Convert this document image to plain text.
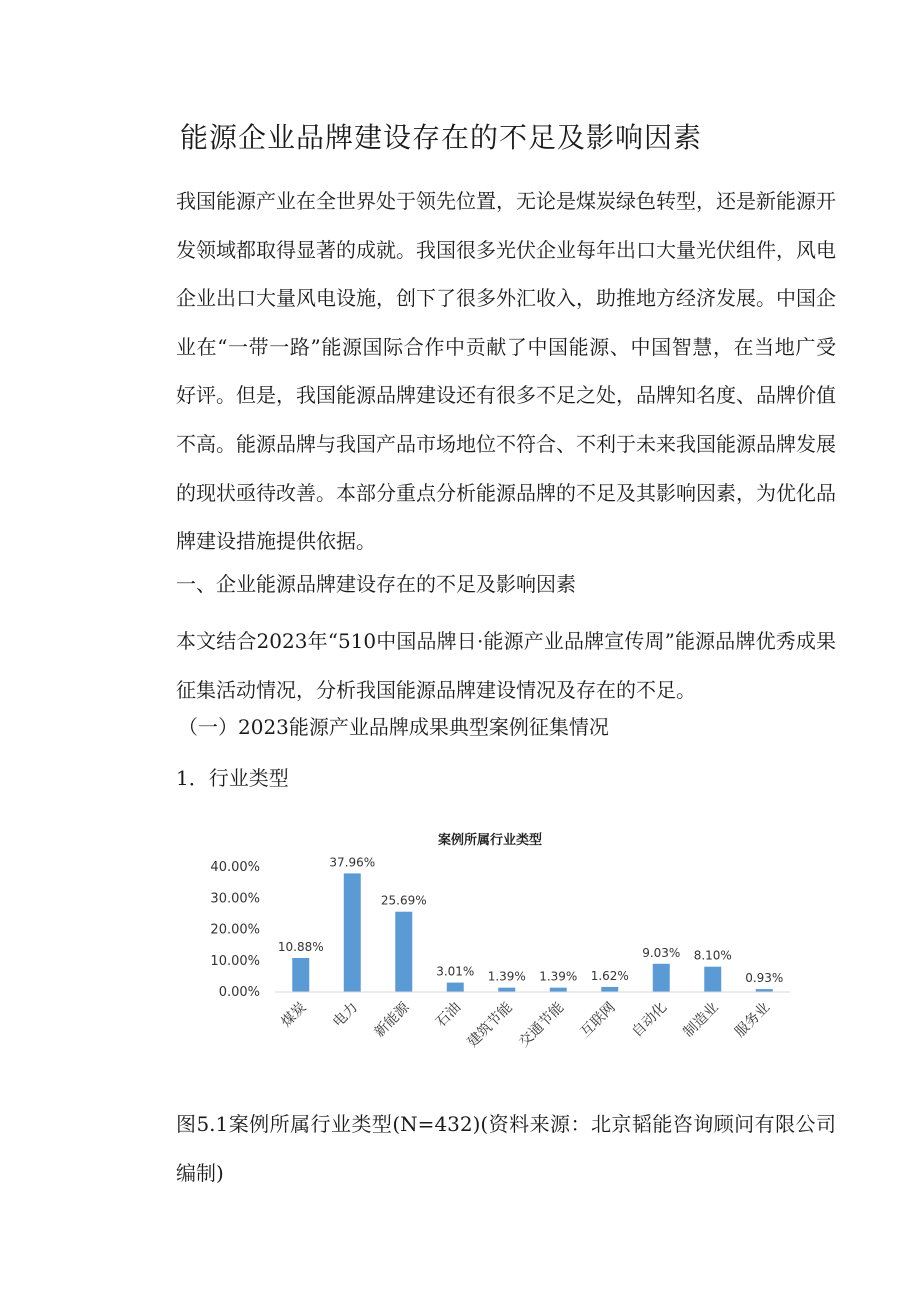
能源企业品牌建设存在的不足及影响因素

我国能源产业在全世界处于领先位置，无论是煤炭绿色转型，还是新能源开发领域都取得显著的成就。我国很多光伏企业每年出口大量光伏组件，风电企业出口大量风电设施，创下了很多外汇收入，助推地方经济发展。中国企业在“一带一路”能源国际合作中贡献了中国能源、中国智慧，在当地广受好评。但是，我国能源品牌建设还有很多不足之处，品牌知名度、品牌价值不高。能源品牌与我国产品市场地位不符合、不利于未来我国能源品牌发展的现状亟待改善。本部分重点分析能源品牌的不足及其影响因素，为优化品牌建设措施提供依据。

一、企业能源品牌建设存在的不足及影响因素

本文结合2023年“510中国品牌日·能源产业品牌宣传周”能源品牌优秀成果征集活动情况，分析我国能源品牌建设情况及存在的不足。

（一）2023能源产业品牌成果典型案例征集情况

1．行业类型

案例所属行业类型
0.00%
10.00%
20.00%
30.00%
40.00%
10.88%
37.96%
25.69%
3.01% 1.39% 1.39% 1.62%
9.03% 8.10%
0.93%
煤炭 电力 新能源 石油 建筑节能 交通节能 互联网 自动化 制造业 服务业

图5.1案例所属行业类型(N=432)(资料来源：北京韬能咨询顾问有限公司编制)
